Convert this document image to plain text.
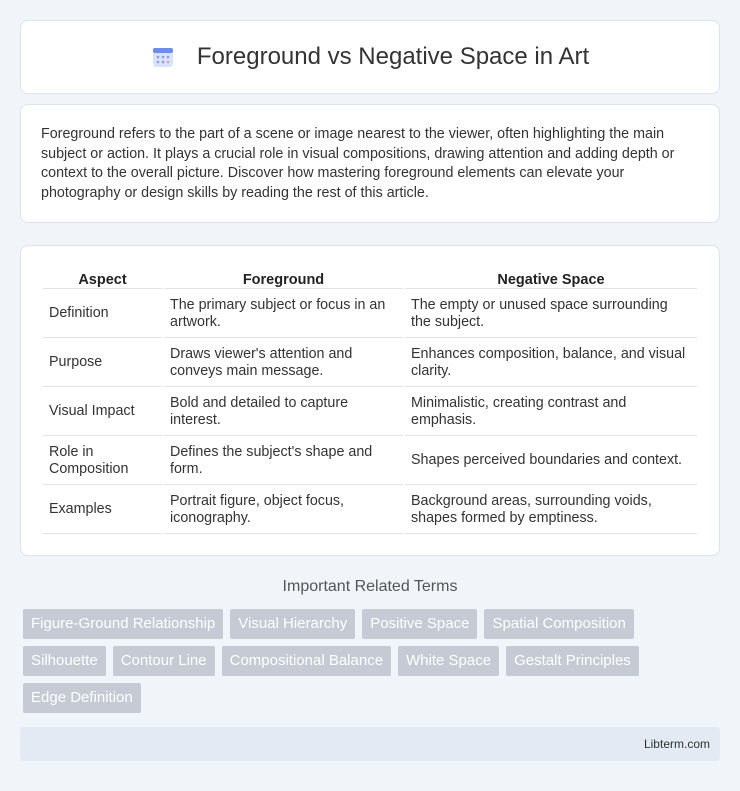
Foreground vs Negative Space in Art

Foreground refers to the part of a scene or image nearest to the viewer, often highlighting the main subject or action. It plays a crucial role in visual compositions, drawing attention and adding depth or context to the overall picture. Discover how mastering foreground elements can elevate your photography or design skills by reading the rest of this article.

Aspect	Foreground	Negative Space
Definition	The primary subject or focus in an artwork.	The empty or unused space surrounding the subject.
Purpose	Draws viewer's attention and conveys main message.	Enhances composition, balance, and visual clarity.
Visual Impact	Bold and detailed to capture interest.	Minimalistic, creating contrast and emphasis.
Role in Composition	Defines the subject's shape and form.	Shapes perceived boundaries and context.
Examples	Portrait figure, object focus, iconography.	Background areas, surrounding voids, shapes formed by emptiness.
Important Related Terms
Figure-Ground Relationship	Visual Hierarchy	Positive Space	Spatial Composition
Silhouette	Contour Line	Compositional Balance	White Space	Gestalt Principles
Edge Definition
Libterm.com
